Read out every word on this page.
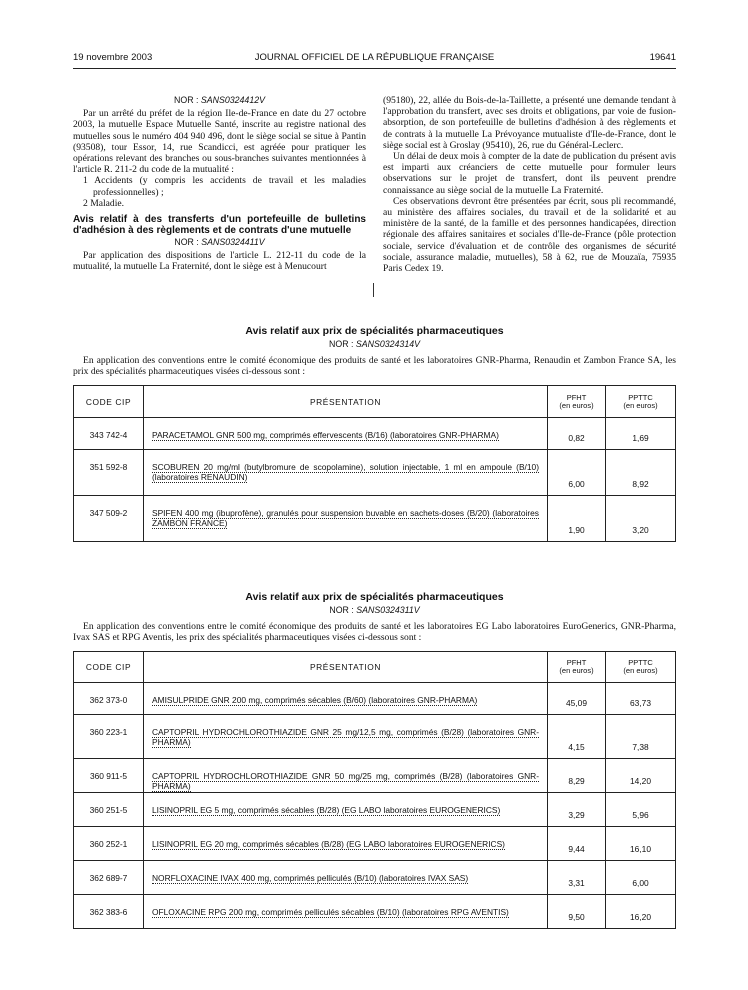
19 novembre 2003	JOURNAL OFFICIEL DE LA RÉPUBLIQUE FRANÇAISE	19641
NOR : SANS0324412V

Par un arrêté du préfet de la région Ile-de-France en date du 27 octobre 2003, la mutuelle Espace Mutuelle Santé, inscrite au registre national des mutuelles sous le numéro 404 940 496, dont le siège social se situe à Pantin (93508), tour Essor, 14, rue Scandicci, est agréée pour pratiquer les opérations relevant des branches ou sous-branches suivantes mentionnées à l'article R. 211-2 du code de la mutualité :

1 Accidents (y compris les accidents de travail et les maladies professionnelles) ;
2 Maladie.
Avis relatif à des transferts d'un portefeuille de bulletins d'adhésion à des règlements et de contrats d'une mutuelle
NOR : SANS0324411V

Par application des dispositions de l'article L. 212-11 du code de la mutualité, la mutuelle La Fraternité, dont le siège est à Menucourt

(95180), 22, allée du Bois-de-la-Taillette, a présenté une demande tendant à l'approbation du transfert, avec ses droits et obligations, par voie de fusion-absorption, de son portefeuille de bulletins d'adhésion à des règlements et de contrats à la mutuelle La Prévoyance mutualiste d'Ile-de-France, dont le siège social est à Groslay (95410), 26, rue du Général-Leclerc.

Un délai de deux mois à compter de la date de publication du présent avis est imparti aux créanciers de cette mutuelle pour formuler leurs observations sur le projet de transfert, dont ils peuvent prendre connaissance au siège social de la mutuelle La Fraternité.

Ces observations devront être présentées par écrit, sous pli recommandé, au ministère des affaires sociales, du travail et de la solidarité et au ministère de la santé, de la famille et des personnes handicapées, direction régionale des affaires sanitaires et sociales d'Ile-de-France (pôle protection sociale, service d'évaluation et de contrôle des organismes de sécurité sociale, assurance maladie, mutuelles), 58 à 62, rue de Mouzaïa, 75935 Paris Cedex 19.

Avis relatif aux prix de spécialités pharmaceutiques
NOR : SANS0324314V

En application des conventions entre le comité économique des produits de santé et les laboratoires GNR-Pharma, Renaudin et Zambon France SA, les prix des spécialités pharmaceutiques visées ci-dessous sont :

CODE CIP	PRÉSENTATION	PFHT
(en euros)	PPTTC
(en euros)
343 742-4	PARACETAMOL GNR 500 mg, comprimés effervescents (B/16) (laboratoires GNR-PHARMA)	0,82	1,69
351 592-8	SCOBUREN 20 mg/ml (butylbromure de scopolamine), solution injectable, 1 ml en ampoule (B/10) (laboratoires RENAUDIN)	6,00	8,92
347 509-2	SPIFEN 400 mg (ibuprofène), granulés pour suspension buvable en sachets-doses (B/20) (laboratoires ZAMBON FRANCE)	1,90	3,20
Avis relatif aux prix de spécialités pharmaceutiques
NOR : SANS0324311V

En application des conventions entre le comité économique des produits de santé et les laboratoires EG Labo laboratoires EuroGenerics, GNR-Pharma, Ivax SAS et RPG Aventis, les prix des spécialités pharmaceutiques visées ci-dessous sont :

CODE CIP	PRÉSENTATION	PFHT
(en euros)	PPTTC
(en euros)
362 373-0	AMISULPRIDE GNR 200 mg, comprimés sécables (B/60) (laboratoires GNR-PHARMA)	45,09	63,73
360 223-1	CAPTOPRIL HYDROCHLOROTHIAZIDE GNR 25 mg/12,5 mg, comprimés (B/28) (laboratoires GNR-PHARMA)	4,15	7,38
360 911-5	CAPTOPRIL HYDROCHLOROTHIAZIDE GNR 50 mg/25 mg, comprimés (B/28) (laboratoires GNR-PHARMA)	8,29	14,20
360 251-5	LISINOPRIL EG 5 mg, comprimés sécables (B/28) (EG LABO laboratoires EUROGENERICS)	3,29	5,96
360 252-1	LISINOPRIL EG 20 mg, comprimés sécables (B/28) (EG LABO laboratoires EUROGENERICS)	9,44	16,10
362 689-7	NORFLOXACINE IVAX 400 mg, comprimés pelliculés (B/10) (laboratoires IVAX SAS)	3,31	6,00
362 383-6	OFLOXACINE RPG 200 mg, comprimés pelliculés sécables (B/10) (laboratoires RPG AVENTIS)	9,50	16,20
